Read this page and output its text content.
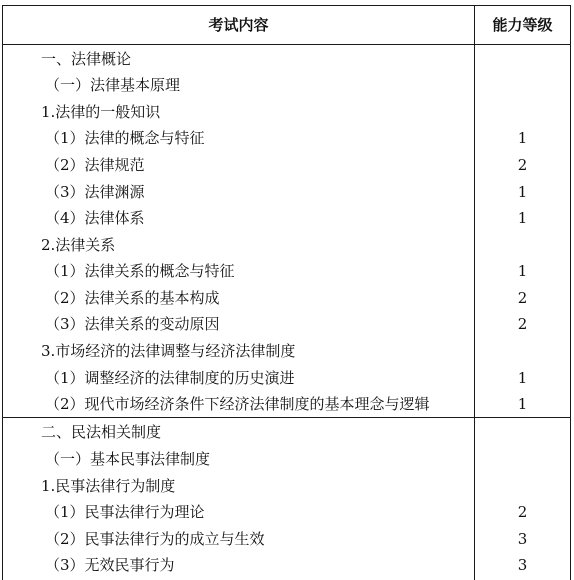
考试内容	能力等级
一、法律概论
（一）法律基本原理
1.法律的一般知识
（1）法律的概念与特征	1
（2）法律规范	2
（3）法律渊源	1
（4）法律体系	1
2.法律关系
（1）法律关系的概念与特征	1
（2）法律关系的基本构成	2
（3）法律关系的变动原因	2
3.市场经济的法律调整与经济法律制度
（1）调整经济的法律制度的历史演进	1
（2）现代市场经济条件下经济法律制度的基本理念与逻辑	1
二、民法相关制度
（一）基本民事法律制度
1.民事法律行为制度
（1）民事法律行为理论	2
（2）民事法律行为的成立与生效	3
（3）无效民事行为	3
